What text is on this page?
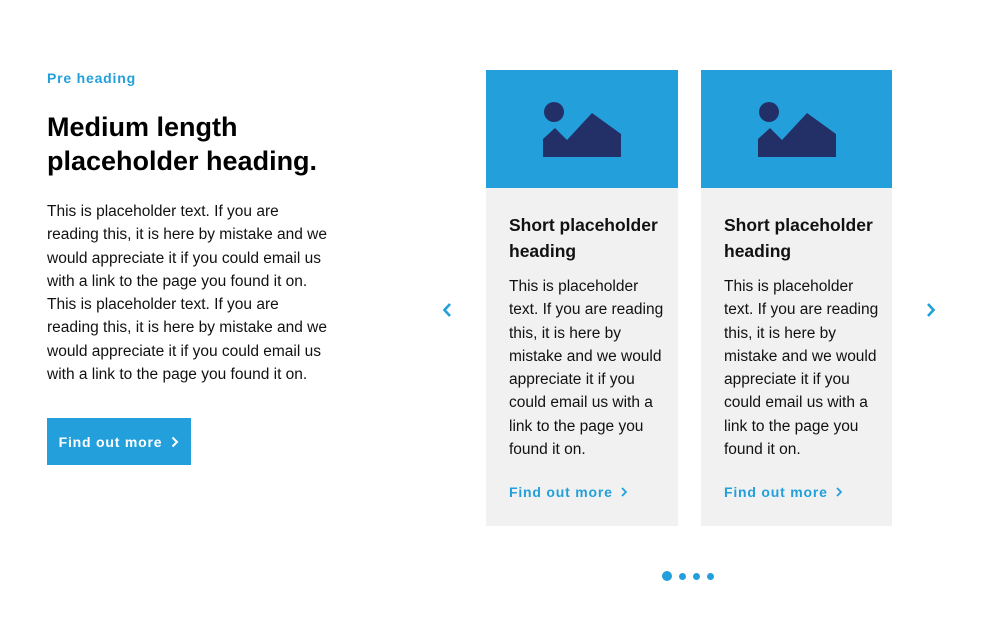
Pre heading
Medium length placeholder heading.

This is placeholder text. If you are reading this, it is here by mistake and we would appreciate it if you could email us with a link to the page you found it on. This is placeholder text. If you are reading this, it is here by mistake and we would appreciate it if you could email us with a link to the page you found it on.

Find out more
Short placeholder heading

This is placeholder text. If you are reading this, it is here by mistake and we would appreciate it if you could email us with a link to the page you found it on.

Find out more
Short placeholder heading

This is placeholder text. If you are reading this, it is here by mistake and we would appreciate it if you could email us with a link to the page you found it on.

Find out more
